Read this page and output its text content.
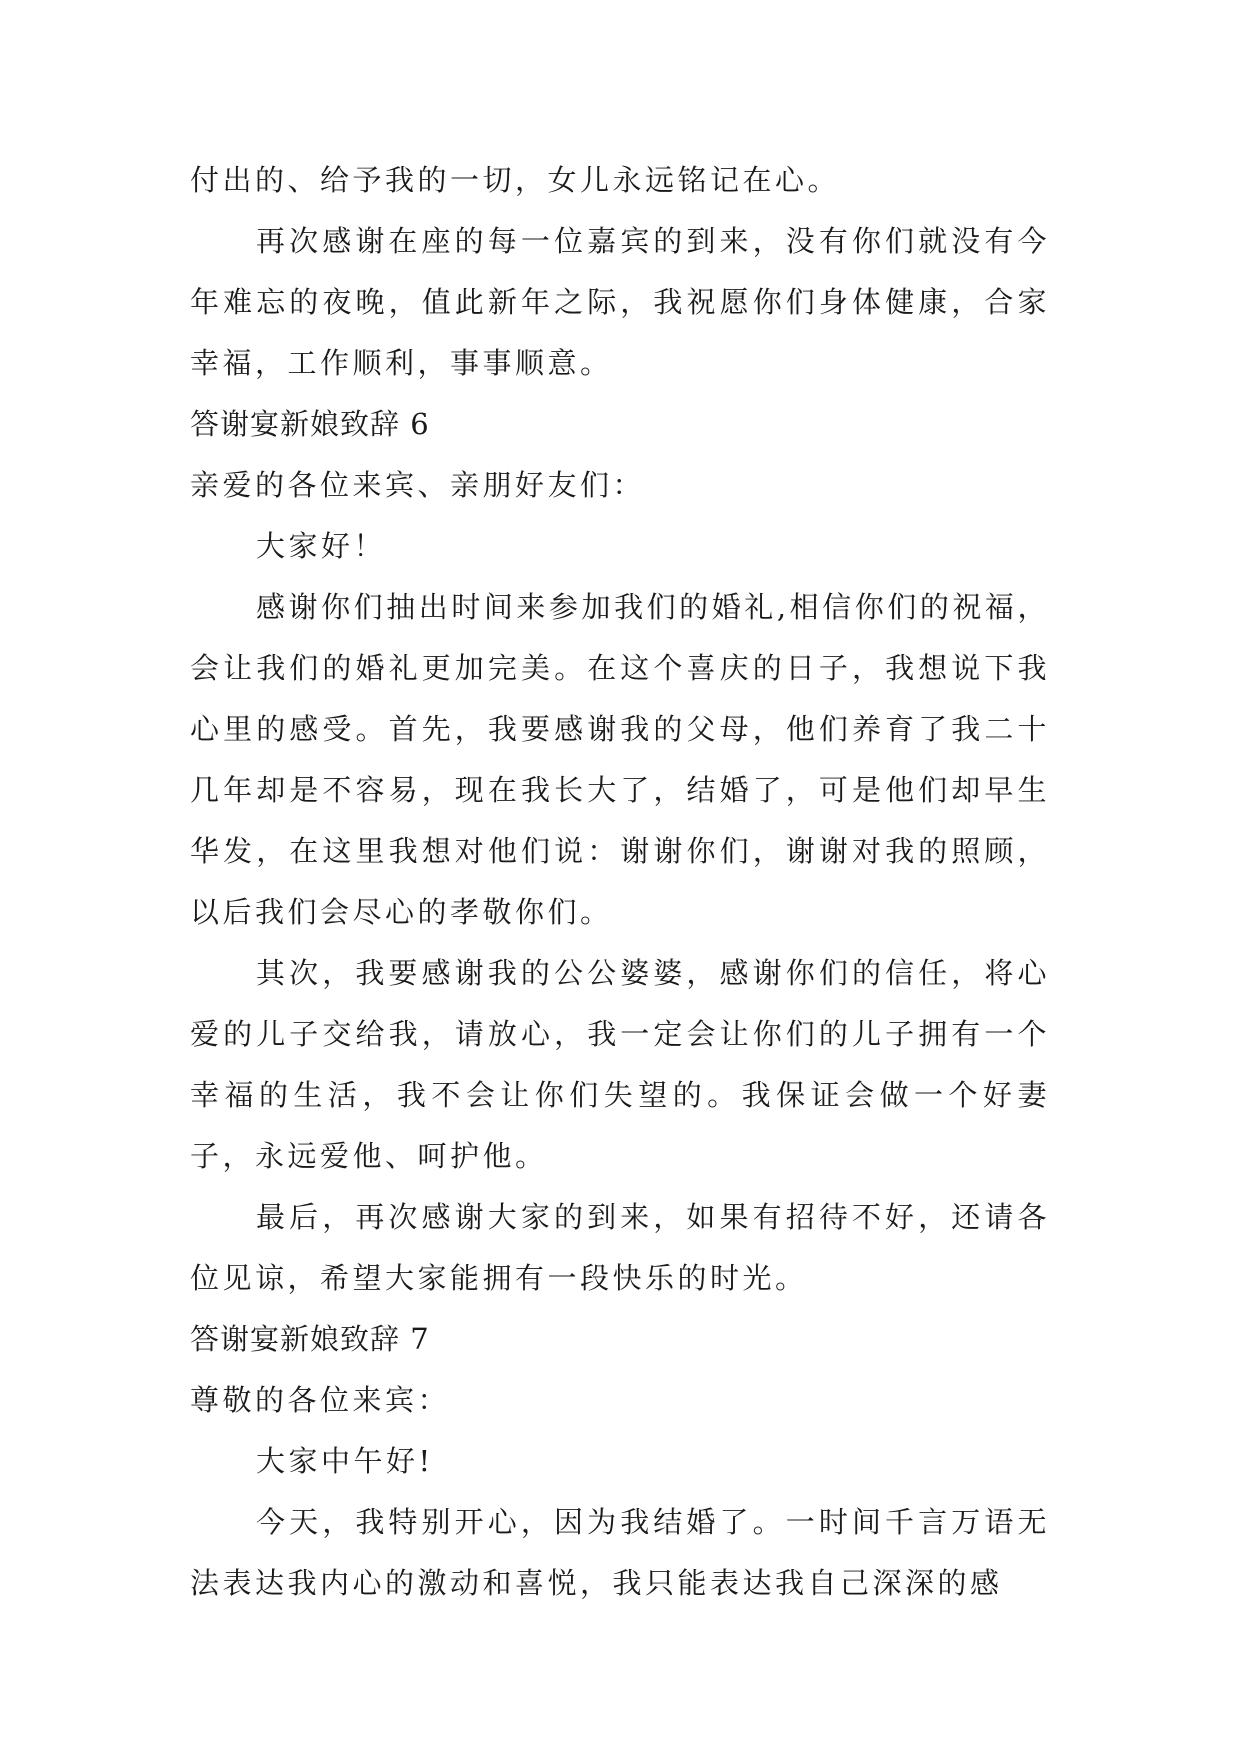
付出的、给予我的一切，女儿永远铭记在心。

再次感谢在座的每一位嘉宾的到来，没有你们就没有今年难忘的夜晚，值此新年之际，我祝愿你们身体健康，合家幸福，工作顺利，事事顺意。

答谢宴新娘致辞 6

亲爱的各位来宾、亲朋好友们：

大家好！

感谢你们抽出时间来参加我们的婚礼,相信你们的祝福，会让我们的婚礼更加完美。在这个喜庆的日子，我想说下我心里的感受。首先，我要感谢我的父母，他们养育了我二十几年却是不容易，现在我长大了，结婚了，可是他们却早生华发，在这里我想对他们说：谢谢你们，谢谢对我的照顾，以后我们会尽心的孝敬你们。

其次，我要感谢我的公公婆婆，感谢你们的信任，将心爱的儿子交给我，请放心，我一定会让你们的儿子拥有一个幸福的生活，我不会让你们失望的。我保证会做一个好妻子，永远爱他、呵护他。

最后，再次感谢大家的到来，如果有招待不好，还请各位见谅，希望大家能拥有一段快乐的时光。

答谢宴新娘致辞 7

尊敬的各位来宾：

大家中午好!

今天，我特别开心，因为我结婚了。一时间千言万语无法表达我内心的激动和喜悦，我只能表达我自己深深的感
